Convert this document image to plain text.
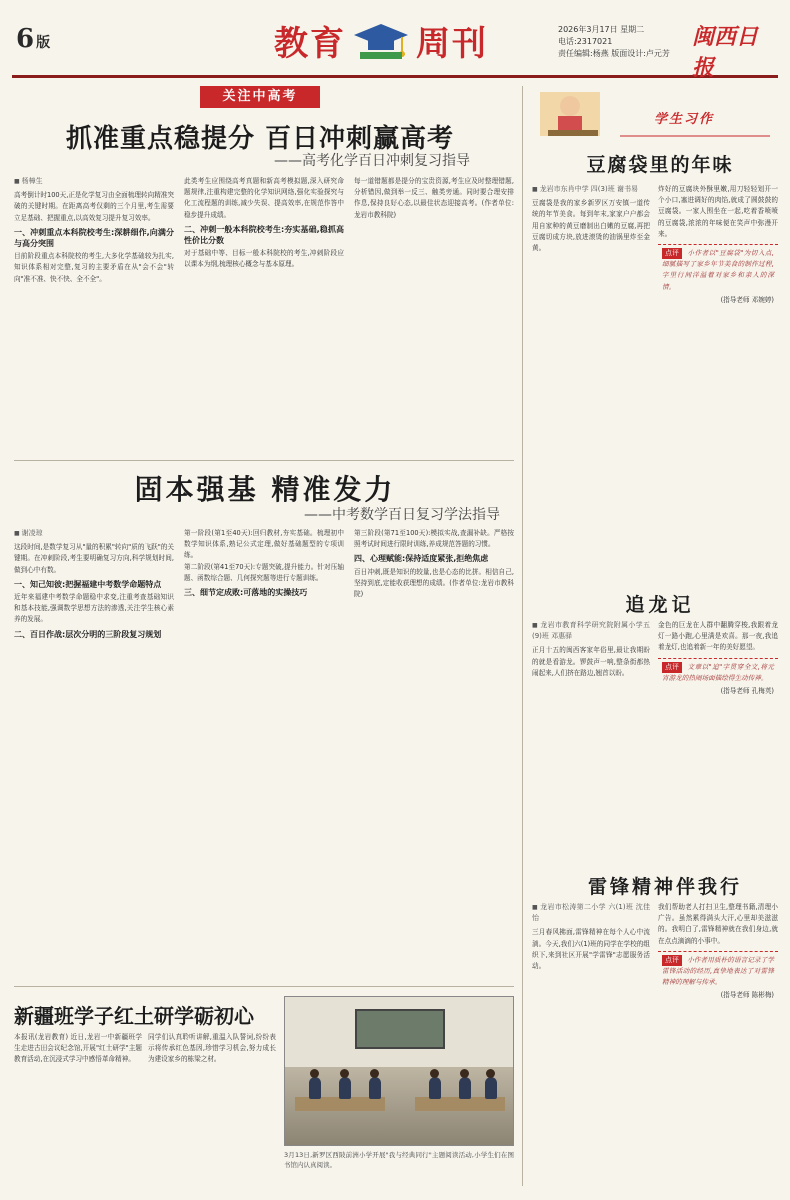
6 版	教育 周刊	2026年3月17日 星期二
电话:2317021
责任编辑:杨燕 版面设计:卢元芳
闽西日报
关注中高考
抓准重点稳提分 百日冲刺赢高考
——高考化学百日冲刺复习指导
■ 杨樟生

高考倒计时100天,正是化学复习由全面梳理转向精准突破的关键时期。在距离高考仅剩的三个月里,考生需要立足基础、把握重点,以高效复习提升复习效率。

一、冲刺重点本科院校考生:深耕细作,向满分与高分突围

目前阶段重点本科院校的考生,大多化学基础较为扎实,知识体系相对完整,复习的主要矛盾在从"会不会"转向"准不准、快不快、全不全"。

此类考生应围绕高考真题和新高考模拟题,深入研究命题规律,注重构建完整的化学知识网络,强化实验探究与化工流程题的训练,减少失误、提高效率,在规范作答中稳步提升成绩。

二、冲刺一般本科院校考生:夯实基础,稳抓高性价比分数

对于基础中等、目标一般本科院校的考生,冲刺阶段应以课本为纲,梳理核心概念与基本原理。

每一道错题都是提分的宝贵资源,考生应及时整理错题,分析错因,做到举一反三、触类旁通。同时要合理安排作息,保持良好心态,以最佳状态迎接高考。(作者单位:龙岩市教科院)

固本强基 精准发力
——中考数学百日复习学法指导
■ 谢凌琼

这段时间,是数学复习从"量的积累"转向"质的飞跃"的关键期。在冲刺阶段,考生要明确复习方向,科学规划时间,做到心中有数。

一、知己知彼:把握福建中考数学命题特点

近年来福建中考数学命题稳中求变,注重考查基础知识和基本技能,强调数学思想方法的渗透,关注学生核心素养的发展。

二、百日作战:层次分明的三阶段复习规划

第一阶段(第1至40天):回归教材,夯实基础。梳理初中数学知识体系,熟记公式定理,做好基础题型的专项训练。

第二阶段(第41至70天):专题突破,提升能力。针对压轴题、函数综合题、几何探究题等进行专题训练。

三、细节定成败:可落地的实操技巧

第三阶段(第71至100天):模拟实战,查漏补缺。严格按照考试时间进行限时训练,养成规范答题的习惯。

四、心理赋能:保持适度紧张,拒绝焦虑

百日冲刺,既是知识的较量,也是心态的比拼。相信自己,坚持到底,定能收获理想的成绩。(作者单位:龙岩市教科院)

新疆班学子红土研学砺初心

本报讯(龙岩教育) 近日,龙岩一中新疆班学生走进古田会议纪念馆,开展"红土研学"主题教育活动,在沉浸式学习中感悟革命精神。

同学们认真聆听讲解,重温入队誓词,纷纷表示将传承红色基因,珍惜学习机会,努力成长为建设家乡的栋梁之材。

3月13日,新罗区西陂前洲小学开展"我与经典同行"主题阅读活动,小学生们在图书馆内认真阅读。
学生习作
豆腐袋里的年味
■ 龙岩市东肖中学 四(3)班 谢书易

豆腐袋是我的家乡新罗区万安镇一道传统的年节美食。每到年末,家家户户都会用自家种的黄豆磨制出白嫩的豆腐,再把豆腐切成方块,放进滚烫的油锅里炸至金黄。

炸好的豆腐块外酥里嫩,用刀轻轻划开一个小口,塞进调好的肉馅,就成了圆鼓鼓的豆腐袋。一家人围坐在一起,吃着香喷喷的豆腐袋,浓浓的年味便在笑声中弥漫开来。

点评 小作者以"豆腐袋"为切入点,细腻描写了家乡年节美食的制作过程,字里行间洋溢着对家乡和亲人的深情。
(指导老师 邓婉婷)
追龙记
■ 龙岩市教育科学研究院附属小学五(9)班 邓惠驿

正月十五的闽西客家年俗里,最让我期盼的就是看游龙。锣鼓声一响,整条街都热闹起来,人们挤在路边,翘首以盼。

金色的巨龙在人群中翻腾穿梭,我跟着龙灯一路小跑,心里满是欢喜。那一夜,我追着龙灯,也追着新一年的美好愿望。

点评 文章以"追"字贯穿全文,将元宵游龙的热闹场面描绘得生动传神。
(指导老师 孔梅英)
雷锋精神伴我行
■ 龙岩市松涛第二小学 六(1)班 沈佳怡

三月春风拂面,雷锋精神在每个人心中流淌。今天,我们六(1)班的同学在学校的组织下,来到社区开展"学雷锋"志愿服务活动。

我们帮助老人打扫卫生,整理书籍,清理小广告。虽然累得满头大汗,心里却美滋滋的。我明白了,雷锋精神就在我们身边,就在点点滴滴的小事中。

点评 小作者用质朴的语言记录了学雷锋活动的经历,真挚地表达了对雷锋精神的理解与传承。
(指导老师 陈彬梅)
